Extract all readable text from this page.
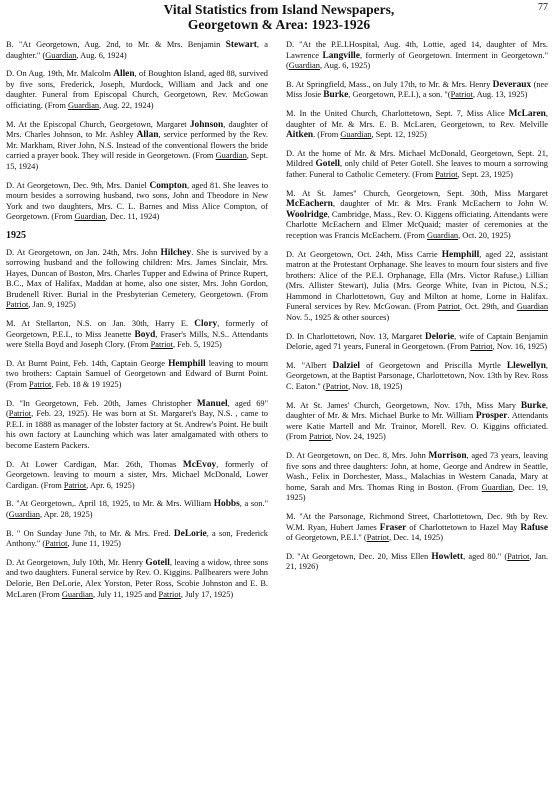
77
Vital Statistics from Island Newspapers,
Georgetown & Area: 1923-1926
B. "At Georgetown, Aug. 2nd, to Mr. & Mrs. Benjamin Stewart, a daughter." (Guardian, Aug. 6, 1924)
D. On Aug. 19th, Mr. Malcolm Allen, of Boughton Island, aged 88, survived by five sons, Frederick, Joseph, Murdock, William and Jack and one daughter. Funeral from Episcopal Church, Georgetown, Rev. McGowan officiating. (From Guardian, Aug. 22, 1924)
M. At the Episcopal Church, Georgetown, Margaret Johnson, daughter of Mrs. Charles Johnson, to Mr. Ashley Allan, service performed by the Rev. Mr. Markham, River John, N.S. Instead of the conventional flowers the bride carried a prayer book. They will reside in Georgetown. (From Guardian, Sept. 15, 1924)
D. At Georgetown, Dec. 9th, Mrs. Daniel Compton, aged 81. She leaves to mourn besides a sorrowing husband, two sons, John and Theodore in New York and two daughters, Mrs. C. L. Barnes and Miss Alice Compton, of Georgetown. (From Guardian, Dec. 11, 1924)
1925
D. At Georgetown, on Jan. 24th, Mrs. John Hilchey. She is survived by a sorrowing husband and the following children: Mrs. James Sinclair, Mrs. Hayes, Duncan of Boston, Mrs. Charles Tupper and Edwina of Prince Rupert, B.C., Max of Halifax, Maddan at home, also one sister, Mrs. John Gordon, Brudenell River. Burial in the Presbyterian Cemetery, Georgetown. (From Patriot, Jan. 9, 1925)
M. At Stellarton, N.S. on Jan. 30th, Harry E. Clory, formerly of Georgetown, P.E.I., to Miss Jeanette Boyd, Fraser's Mills, N.S.. Attendants were Stella Boyd and Joseph Clory. (From Patriot, Feb. 5, 1925)
D. At Burnt Point, Feb. 14th, Captain George Hemphill leaving to mourn two brothers: Captain Samuel of Georgetown and Edward of Burnt Point. (From Patriot, Feb. 18 & 19 1925)
D. "In Georgetown, Feb. 20th, James Christopher Manuel, aged 69" (Patriot, Feb. 23, 1925). He was born at St. Margaret's Bay, N.S. , came to P.E.I. in 1888 as manager of the lobster factory at St. Andrew's Point. He built his own factory at Launching which was later amalgamated with others to become Eastern Packers.
D. At Lower Cardigan, Mar. 26th, Thomas McEvoy, formerly of Georgetown. leaving to mourn a sister, Mrs. Michael McDonald, Lower Cardigan. (From Patriot, Apr. 6, 1925)
B. "At Georgetown,. April 18, 1925, to Mr. & Mrs. William Hobbs, a son." (Guardian, Apr. 28, 1925)
B. " On Sunday June 7th, to Mr. & Mrs. Fred. DeLorie, a son, Frederick Anthony." (Patriot, June 11, 1925)
D. At Georgetown, July 10th, Mr. Henry Gotell, leaving a widow, three sons and two daughters. Funeral service by Rev. O. Kiggins. Pallbearers were John Delorie, Ben DeLorie, Alex Yorston, Peter Ross, Scobie Johnston and E. B. McLaren (From Guardian, July 11, 1925 and Patriot, July 17, 1925)
D. "At the P.E.I.Hospital, Aug. 4th, Lottie, aged 14, daughter of Mrs. Lawrence Langville, formerly of Georgetown. Interment in Georgetown." (Guardian, Aug. 6, 1925)
B. At Springfield, Mass., on July 17th, to Mr. & Mrs. Henry Deveraux (nee Miss Josie Burke, Georgetown, P.E.I.), a son. "(Patriot, Aug. 13, 1925)
M. In the United Church, Charlottetown, Sept. 7, Miss Alice McLaren, daughter of Mr. & Mrs. E. B. McLaren, Georgetown, to Rev. Melville Aitken. (From Guardian, Sept. 12, 1925)
D. At the home of Mr. & Mrs. Michael McDonald, Georgetown, Sept. 21, Mildred Gotell, only child of Peter Gotell. She leaves to mourn a sorrowing father. Funeral to Catholic Cemetery. (From Patriot, Sept. 23, 1925)
M. At St. James" Church, Georgetown, Sept. 30th, Miss Margaret McEachern, daughter of Mr. & Mrs. Frank McEachern to John W. Woolridge, Cambridge, Mass., Rev. O. Kiggens officiating. Attendants were Charlotte McEachern and Elmer McQuaid; master of ceremonies at the reception was Francis McEachern. (From Guardian, Oct. 20, 1925)
D. At Georgetown, Oct. 24th, Miss Carrie Hemphill, aged 22, assistant matron at the Protestant Orphanage. She leaves to mourn four sisters and five brothers: Alice of the P.E.I. Orphanage, Ella (Mrs. Victor Rafuse,) Lillian (Mrs. Allister Stewart), Julia (Mrs. George White, Ivan in Pictou, N.S.; Hammond in Charlottetown, Guy and Milton at home, Lorne in Halifax. Funeral services by Rev. McGowan. (From Patriot, Oct. 29th, and Guardian Nov. 5., 1925 & other sources)
D. In Charlottetown, Nov. 13, Margaret Delorie, wife of Captain Benjamin Delorie, aged 71 years, Funeral in Georgetown. (From Patriot, Nov. 16, 1925)
M. "Albert Dalziel of Georgetown and Priscilla Myrtle Llewellyn, Georgetown, at the Baptist Parsonage, Charlottetown, Nov. 13th by Rev. Ross C. Eaton." (Patriot, Nov. 18, 1925)
M. At St. James' Church, Georgetown, Nov. 17th, Miss Mary Burke, daughter of Mr. & Mrs. Michael Burke to Mr. William Prosper. Attendants were Katie Martell and Mr. Trainor, Morell. Rev. O. Kiggins officiated. (From Patriot, Nov. 24, 1925)
D. At Georgetown, on Dec. 8, Mrs. John Morrison, aged 73 years, leaving five sons and three daughters: John, at home, George and Andrew in Seattle, Wash., Felix in Dorchester, Mass., Malachias in Western Canada, Mary at home, Sarah and Mrs. Thomas Ring in Boston. (From Guardian, Dec. 19, 1925)
M. "At the Parsonage, Richmond Street, Charlottetown, Dec. 9th by Rev. W.M. Ryan, Hubert James Fraser of Charlottetown to Hazel May Rafuse of Georgetown, P.E.I." (Patriot, Dec. 14, 1925)
D. "At Georgetown, Dec. 20, Miss Ellen Howlett, aged 80." (Patriot, Jan. 21, 1926)
